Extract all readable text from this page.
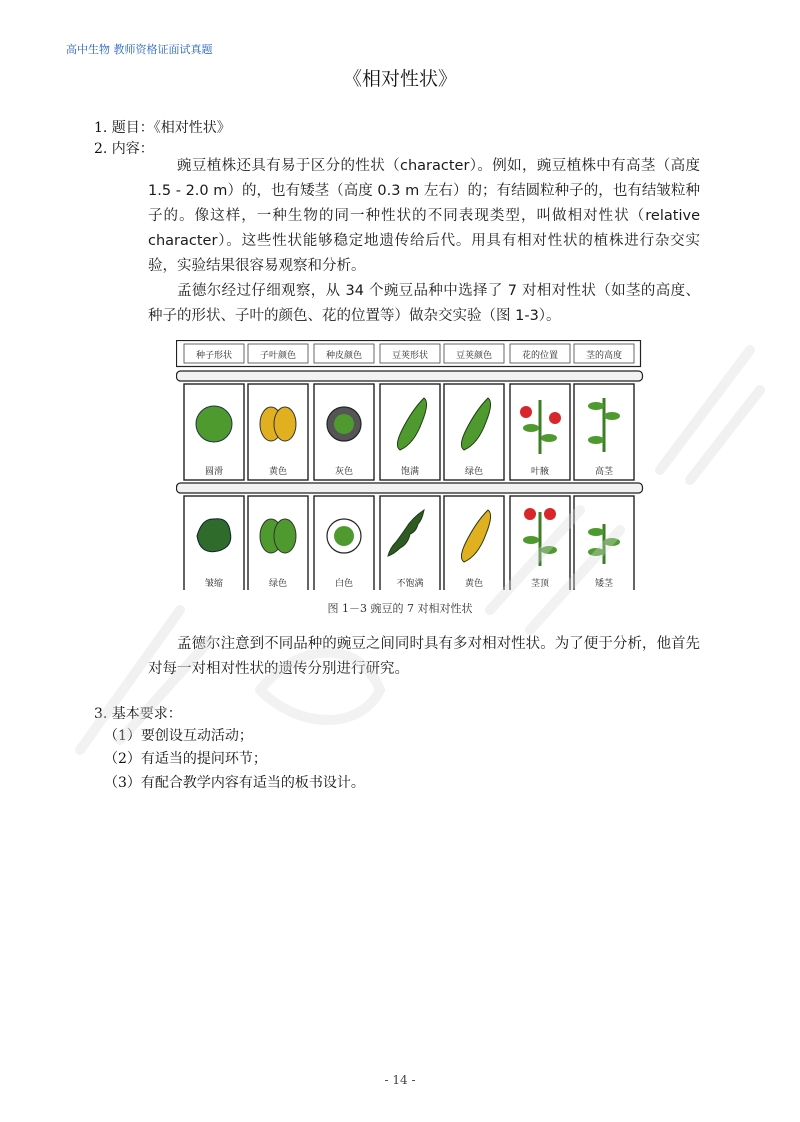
高中生物 教师资格证面试真题
《相对性状》
1. 题目：《相对性状》
2. 内容：
豌豆植株还具有易于区分的性状（character）。例如，豌豆植株中有高茎（高度 1.5 - 2.0 m）的，也有矮茎（高度 0.3 m 左右）的；有结圆粒种子的，也有结皱粒种子的。像这样，一种生物的同一种性状的不同表现类型，叫做相对性状（relative character）。这些性状能够稳定地遗传给后代。用具有相对性状的植株进行杂交实验，实验结果很容易观察和分析。
孟德尔经过仔细观察，从 34 个豌豆品种中选择了 7 对相对性状（如茎的高度、种子的形状、子叶的颜色、花的位置等）做杂交实验（图 1-3）。
种子形状	子叶颜色	种皮颜色	豆荚形状	豆荚颜色	花的位置	茎的高度
圆滑	黄色	灰色	饱满	绿色	叶腋	高茎
皱缩	绿色	白色	不饱满	黄色	茎顶	矮茎
图 1－3 豌豆的 7 对相对性状
孟德尔注意到不同品种的豌豆之间同时具有多对相对性状。为了便于分析，他首先对每一对相对性状的遗传分别进行研究。
3. 基本要求：
（1）要创设互动活动；
（2）有适当的提问环节；
（3）有配合教学内容有适当的板书设计。
- 14 -
